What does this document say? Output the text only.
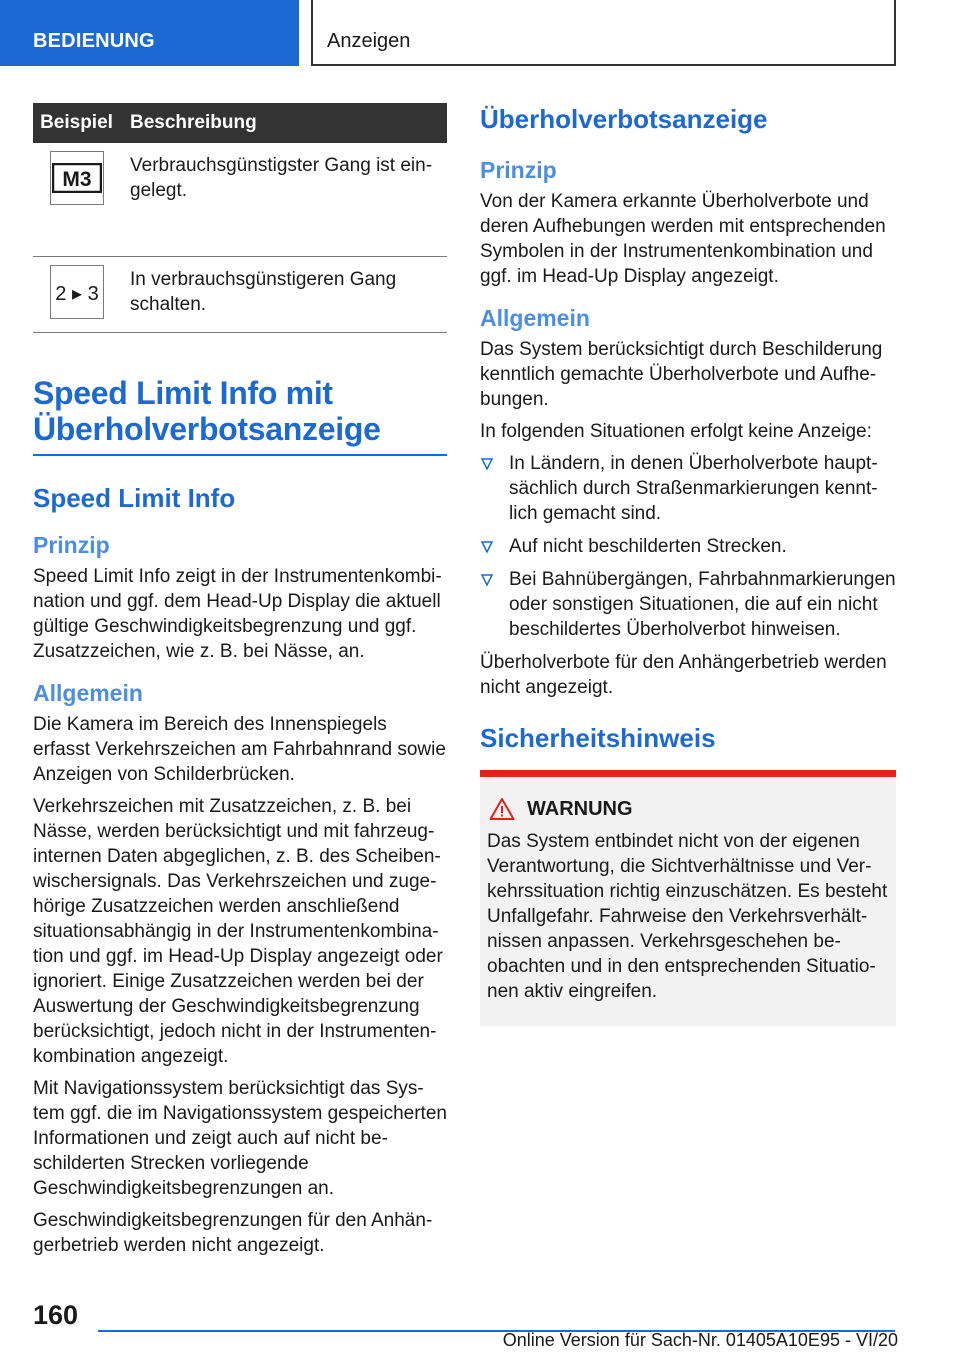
BEDIENUNG	Anzeigen
Beispiel Beschreibung
M3
Verbrauchsgünstigster Gang ist eingelegt.
2 ▸ 3
In verbrauchsgünstigeren Gang schalten.
Speed Limit Info mit Überholverbotsanzeige
Speed Limit Info
Prinzip

Speed Limit Info zeigt in der Instrumentenkombination und ggf. dem Head-Up Display die aktuell gültige Geschwindigkeitsbegrenzung und ggf. Zusatzzeichen, wie z. B. bei Nässe, an.

Allgemein

Die Kamera im Bereich des Innenspiegels erfasst Verkehrszeichen am Fahrbahnrand sowie Anzeigen von Schilderbrücken.

Verkehrszeichen mit Zusatzzeichen, z. B. bei Nässe, werden berücksichtigt und mit fahrzeuginternen Daten abgeglichen, z. B. des Scheibenwischersignals. Das Verkehrszeichen und zugehörige Zusatzzeichen werden anschließend situationsabhängig in der Instrumentenkombination und ggf. im Head-Up Display angezeigt oder ignoriert. Einige Zusatzzeichen werden bei der Auswertung der Geschwindigkeitsbegrenzung berücksichtigt, jedoch nicht in der Instrumentenkombination angezeigt.

Mit Navigationssystem berücksichtigt das System ggf. die im Navigationssystem gespeicherten Informationen und zeigt auch auf nicht beschilderten Strecken vorliegende Geschwindigkeitsbegrenzungen an.

Geschwindigkeitsbegrenzungen für den Anhängerbetrieb werden nicht angezeigt.

Überholverbotsanzeige
Prinzip

Von der Kamera erkannte Überholverbote und deren Aufhebungen werden mit entsprechenden Symbolen in der Instrumentenkombination und ggf. im Head-Up Display angezeigt.

Allgemein

Das System berücksichtigt durch Beschilderung kenntlich gemachte Überholverbote und Aufhebungen.

In folgenden Situationen erfolgt keine Anzeige:

In Ländern, in denen Überholverbote hauptsächlich durch Straßenmarkierungen kenntlich gemacht sind.
Auf nicht beschilderten Strecken.
Bei Bahnübergängen, Fahrbahnmarkierungen oder sonstigen Situationen, die auf ein nicht beschildertes Überholverbot hinweisen.

Überholverbote für den Anhängerbetrieb werden nicht angezeigt.

Sicherheitshinweis
WARNUNG

Das System entbindet nicht von der eigenen Verantwortung, die Sichtverhältnisse und Verkehrssituation richtig einzuschätzen. Es besteht Unfallgefahr. Fahrweise den Verkehrsverhältnissen anpassen. Verkehrsgeschehen beobachten und in den entsprechenden Situationen aktiv eingreifen.

160
Online Version für Sach-Nr. 01405A10E95 - VI/20
